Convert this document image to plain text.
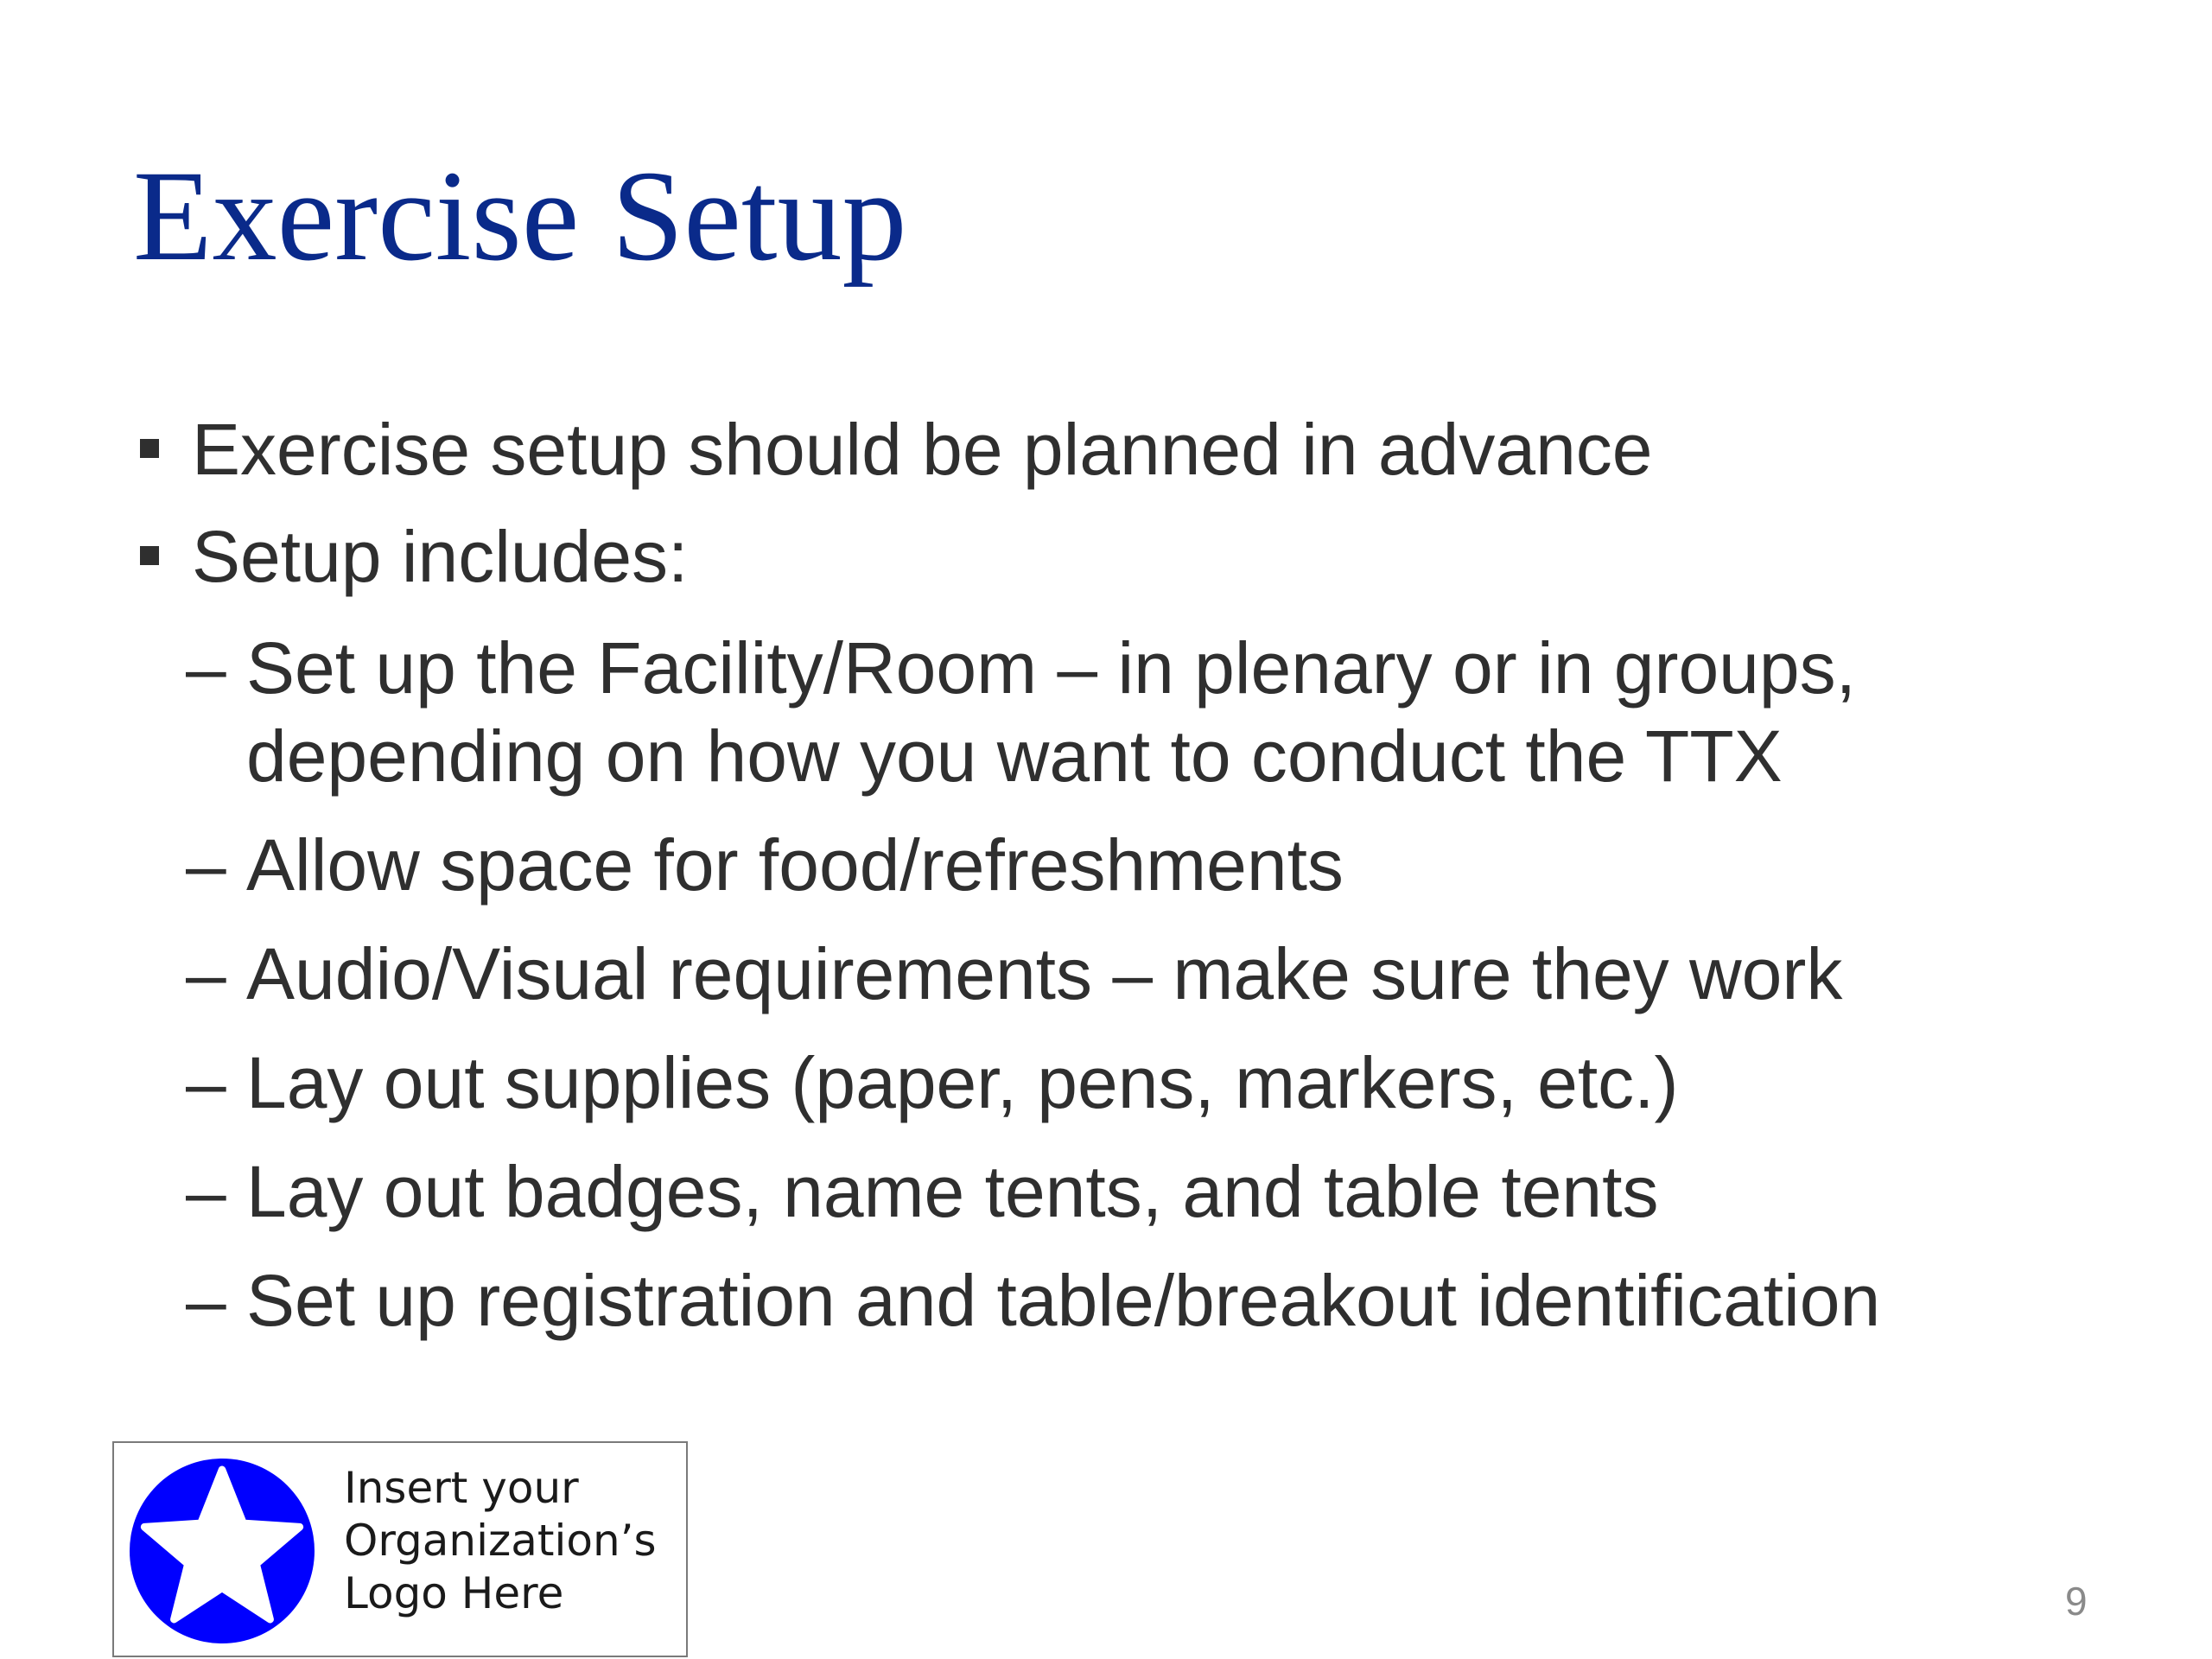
Exercise Setup
Exercise setup should be planned in advance
Setup includes:
– Set up the Facility/Room – in plenary or in groups,
depending on how you want to conduct the TTX
– Allow space for food/refreshments
– Audio/Visual requirements – make sure they work
– Lay out supplies (paper, pens, markers, etc.)
– Lay out badges, name tents, and table tents
– Set up registration and table/breakout identification
Insert your
Organization’s
Logo Here	9
